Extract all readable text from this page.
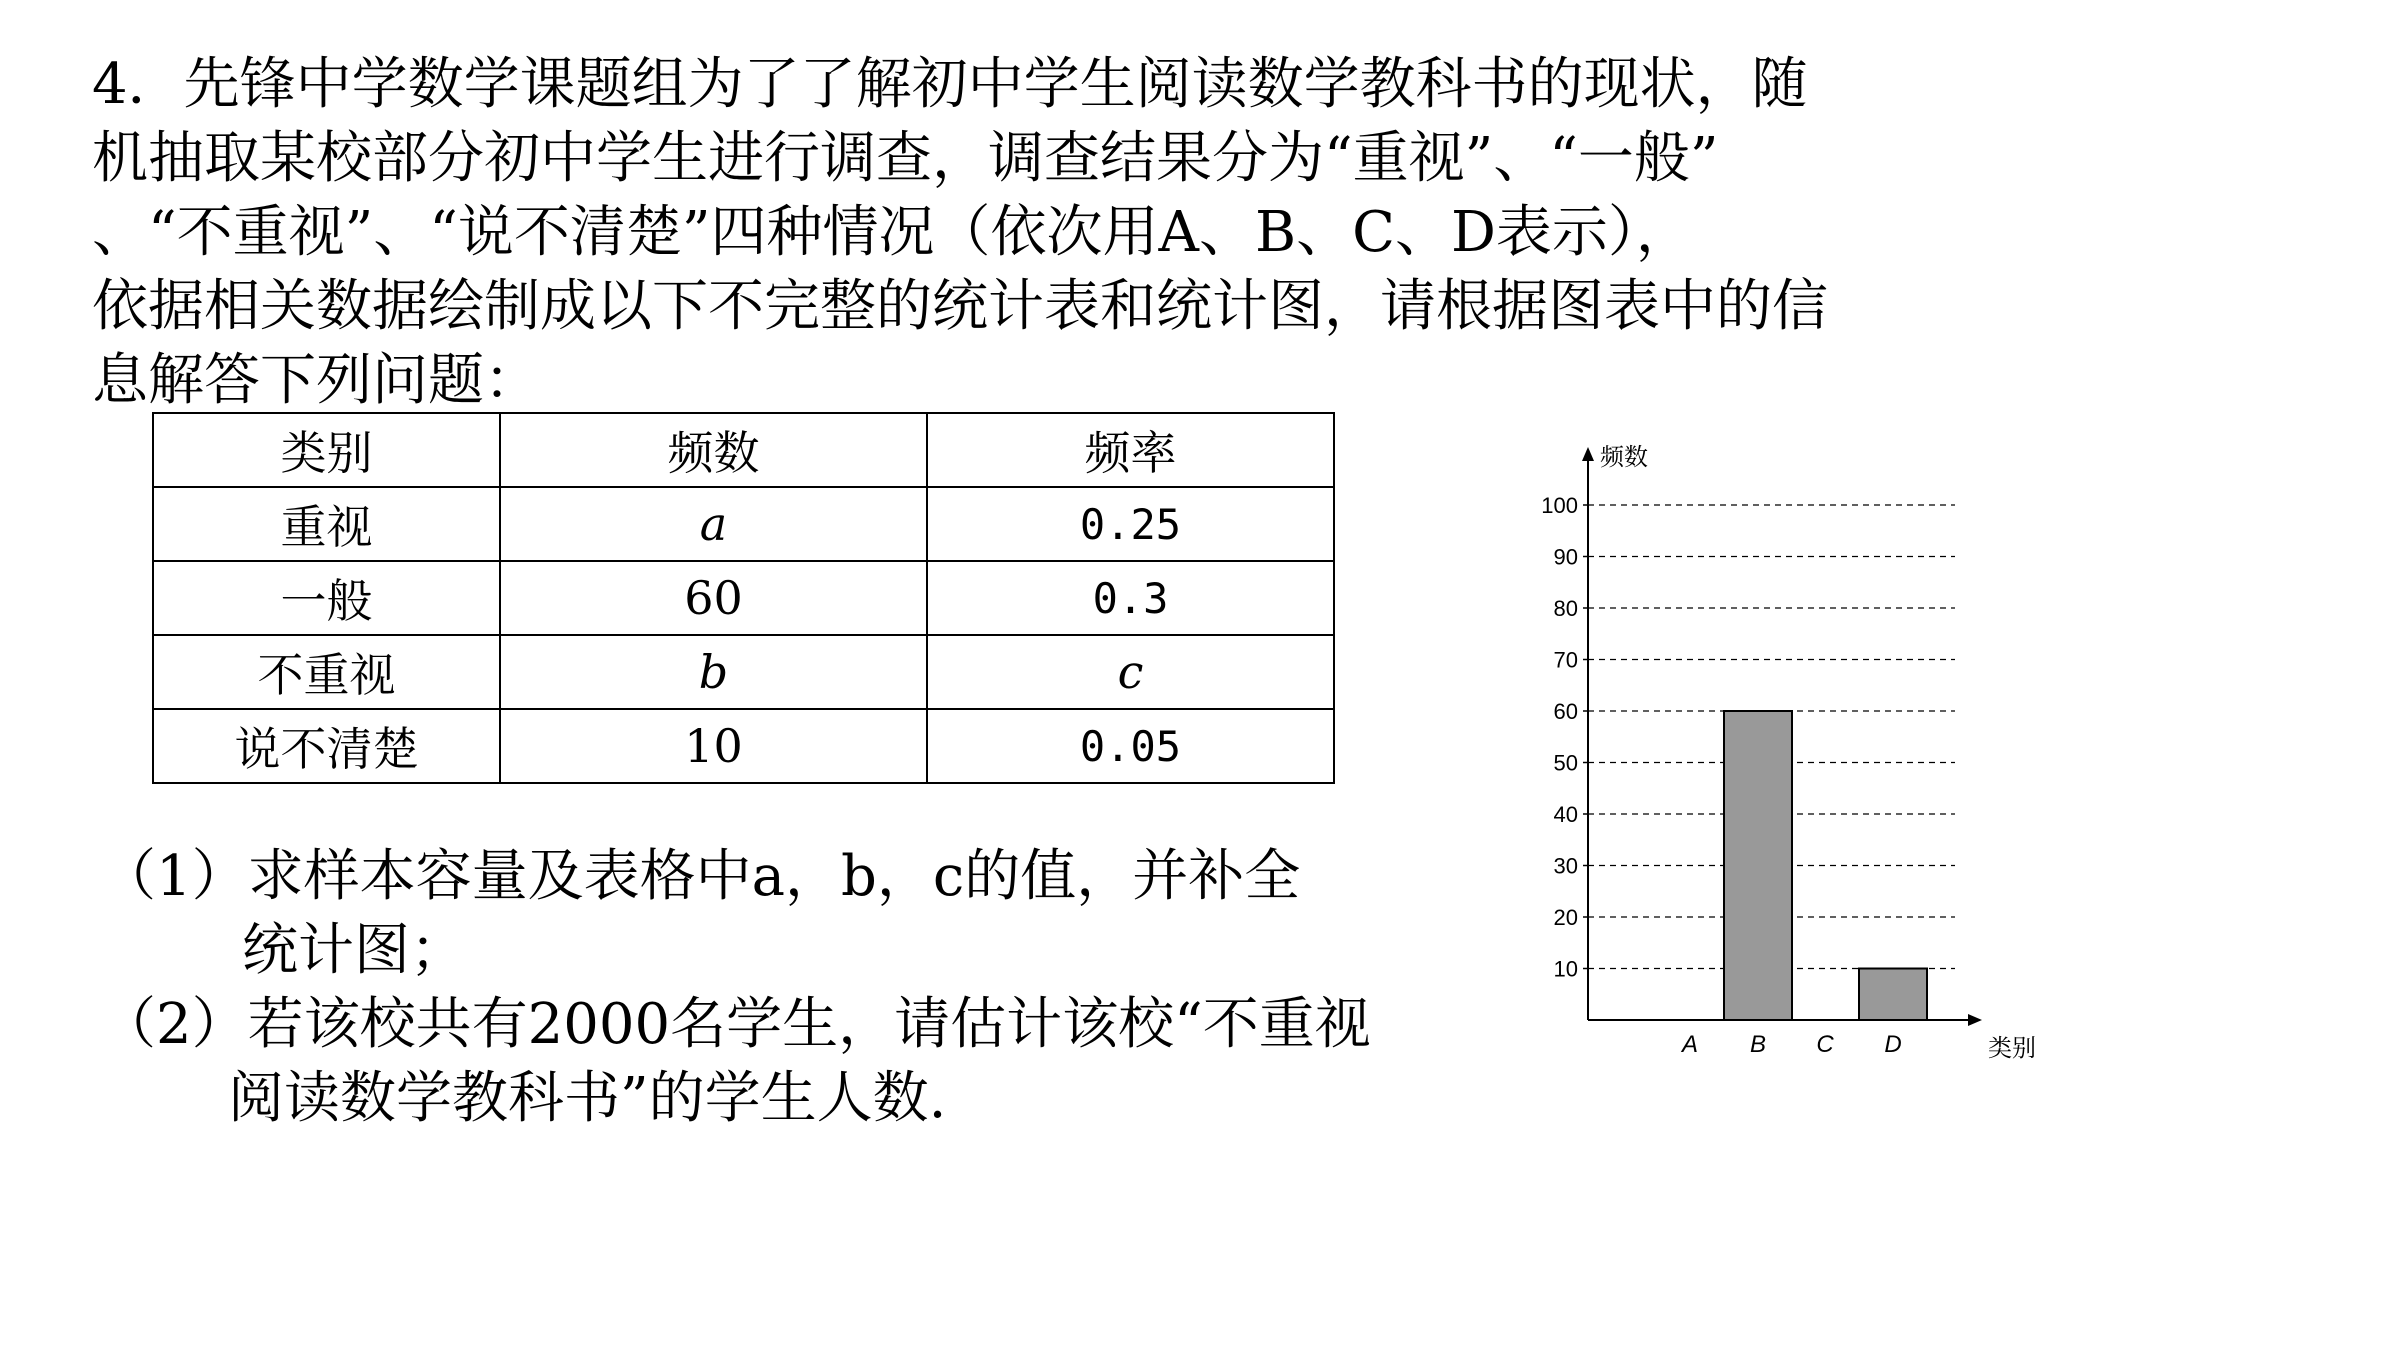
4．先锋中学数学课题组为了了解初中学生阅读数学教科书的现状，随
机抽取某校部分初中学生进行调查，调查结果分为“重视”、“一般”
、“不重视”、“说不清楚”四种情况（依次用A、B、C、D表示），
依据相关数据绘制成以下不完整的统计表和统计图，请根据图表中的信
息解答下列问题：
类别	频数	频率
重视	a	0.25
一般	60	0.3
不重视	b	c
说不清楚	10	0.05
（1）求样本容量及表格中a，b，c的值，并补全
统计图；
（2）若该校共有2000名学生，请估计该校“不重视
阅读数学教科书”的学生人数.
10
20
30
40
50
60
70
80
90
100
A B C D
频数
类别
